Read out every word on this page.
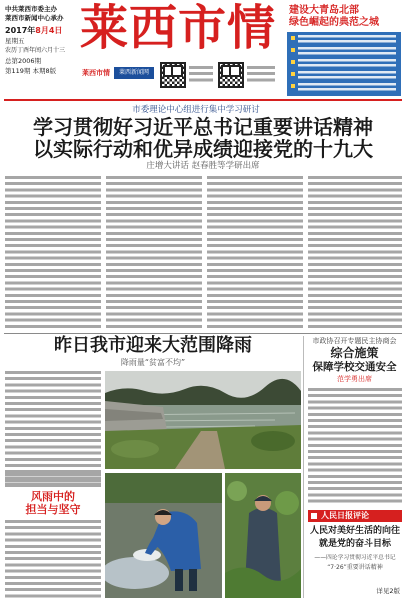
中共莱西市委主办
莱西市新闻中心承办
2017年8月4日
星期五
农历丁酉年闰六月十三
总第2006期
第119期 本期8版
莱西市情
莱西市情	莱西新闻网
建设大青岛北部
绿色崛起的典范之城
市委理论中心组进行集中学习研讨
学习贯彻好习近平总书记重要讲话精神
以实际行动和优异成绩迎接党的十九大
庄增大讲话 赵春胜等学研出席
昨日我市迎来大范围降雨
降雨量“贫富不均”
风雨中的
担当与坚守
市政协召开专题民主协商会
综合施策
保障学校交通安全
范学勇出席
人民日报评论
人民对美好生活的向往
就是党的奋斗目标
——四论学习贯彻习近平总书记
“7·26”重要讲话精神
详见2版
